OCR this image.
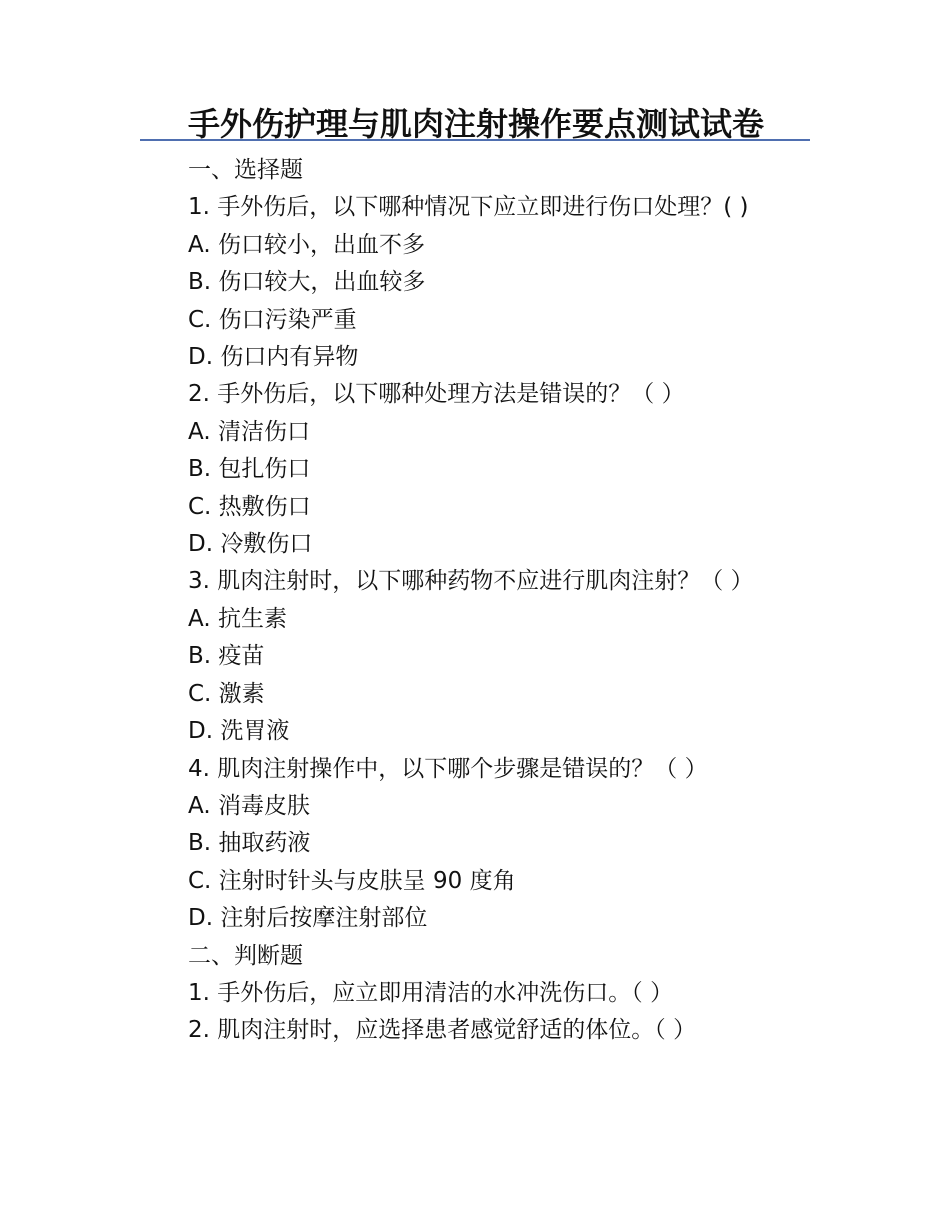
手外伤护理与肌肉注射操作要点测试试卷
一、选择题
1. 手外伤后，以下哪种情况下应立即进行伤口处理？( )
A. 伤口较小，出血不多
B. 伤口较大，出血较多
C. 伤口污染严重
D. 伤口内有异物
2. 手外伤后，以下哪种处理方法是错误的？（ ）
A. 清洁伤口
B. 包扎伤口
C. 热敷伤口
D. 冷敷伤口
3. 肌肉注射时，以下哪种药物不应进行肌肉注射？（ ）
A. 抗生素
B. 疫苗
C. 激素
D. 洗胃液
4. 肌肉注射操作中，以下哪个步骤是错误的？（ ）
A. 消毒皮肤
B. 抽取药液
C. 注射时针头与皮肤呈 90 度角
D. 注射后按摩注射部位
二、判断题
1. 手外伤后，应立即用清洁的水冲洗伤口。（ ）
2. 肌肉注射时，应选择患者感觉舒适的体位。（ ）
